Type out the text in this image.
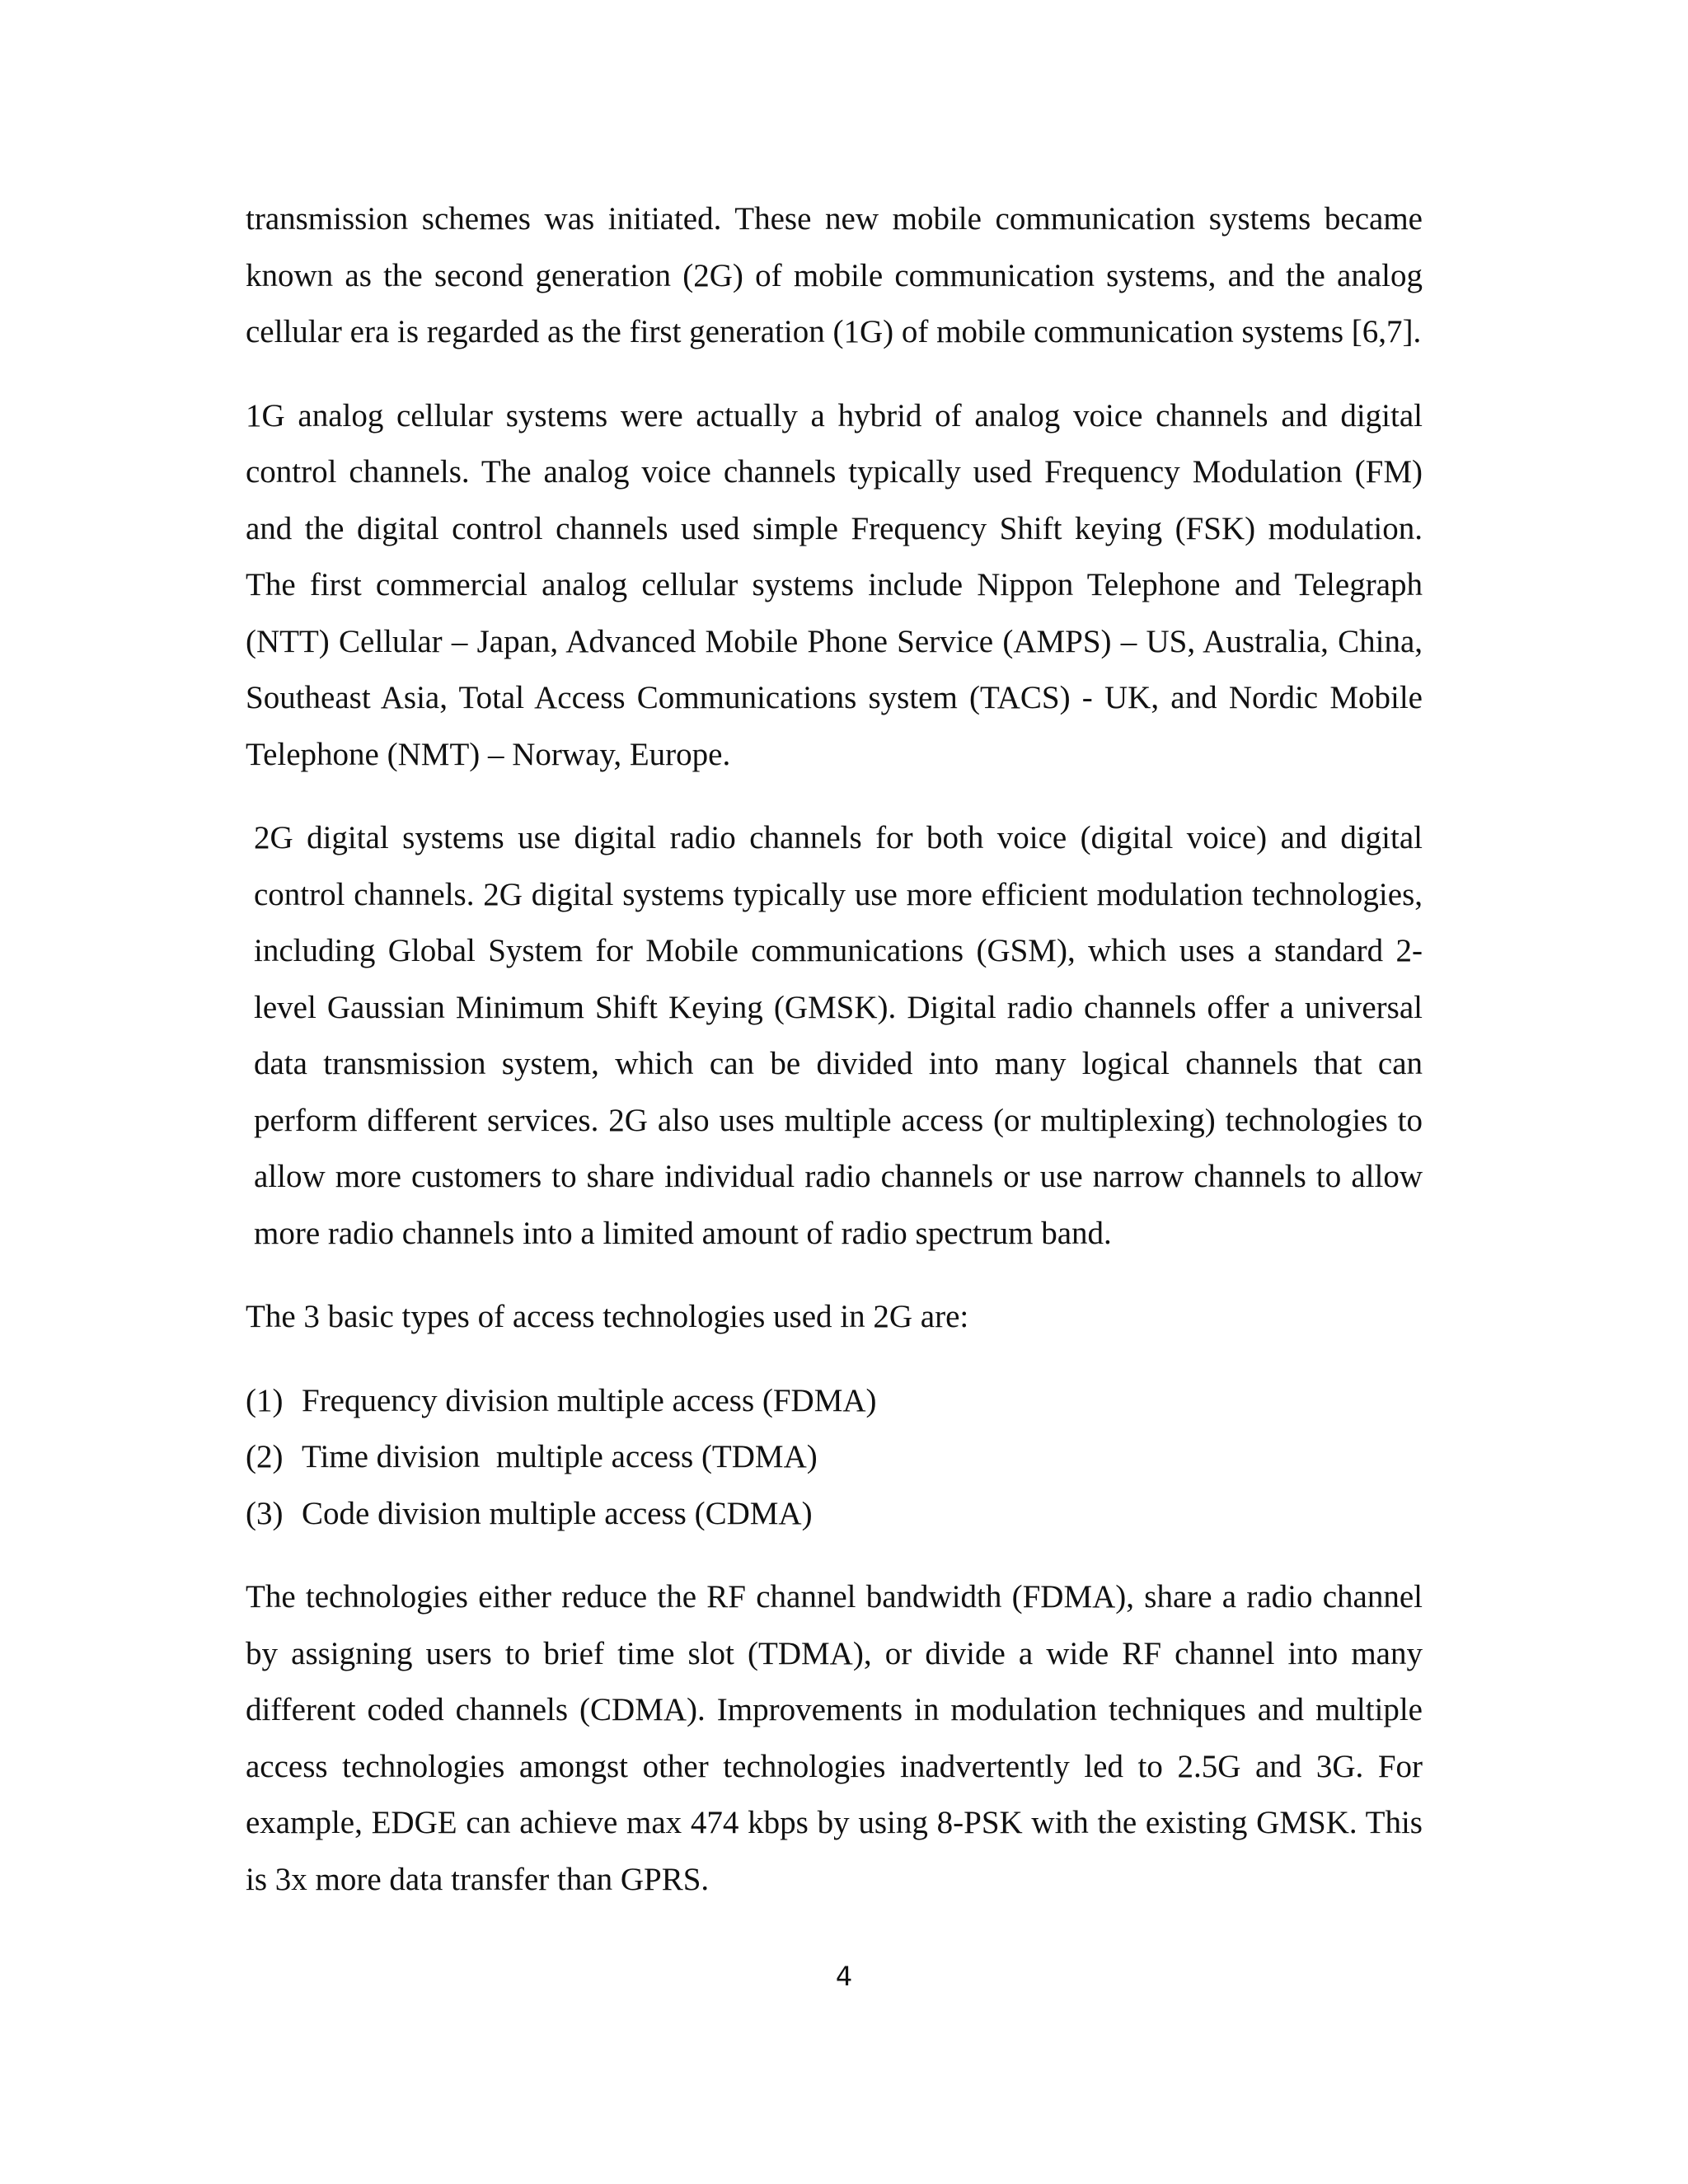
transmission schemes was initiated. These new mobile communication systems became known as the second generation (2G) of mobile communication systems, and the analog cellular era is regarded as the first generation (1G) of mobile communication systems [6,7].

1G analog cellular systems were actually a hybrid of analog voice channels and digital control channels. The analog voice channels typically used Frequency Modulation (FM) and the digital control channels used simple Frequency Shift keying (FSK) modulation. The first commercial analog cellular systems include Nippon Telephone and Telegraph (NTT) Cellular – Japan, Advanced Mobile Phone Service (AMPS) – US, Australia, China, Southeast Asia, Total Access Communications system (TACS) - UK, and Nordic Mobile Telephone (NMT) – Norway, Europe.

2G digital systems use digital radio channels for both voice (digital voice) and digital control channels. 2G digital systems typically use more efficient modulation technologies, including Global System for Mobile communications (GSM), which uses a standard 2-level Gaussian Minimum Shift Keying (GMSK). Digital radio channels offer a universal data transmission system, which can be divided into many logical channels that can perform different services. 2G also uses multiple access (or multiplexing) technologies to allow more customers to share individual radio channels or use narrow channels to allow more radio channels into a limited amount of radio spectrum band.

The 3 basic types of access technologies used in 2G are:

(1) Frequency division multiple access (FDMA)
(2) Time division  multiple access (TDMA)
(3) Code division multiple access (CDMA)

The technologies either reduce the RF channel bandwidth (FDMA), share a radio channel by assigning users to brief time slot (TDMA), or divide a wide RF channel into many different coded channels (CDMA). Improvements in modulation techniques and multiple access technologies amongst other technologies inadvertently led to 2.5G and 3G. For example, EDGE can achieve max 474 kbps by using 8-PSK with the existing GMSK. This is 3x more data transfer than GPRS.

4
